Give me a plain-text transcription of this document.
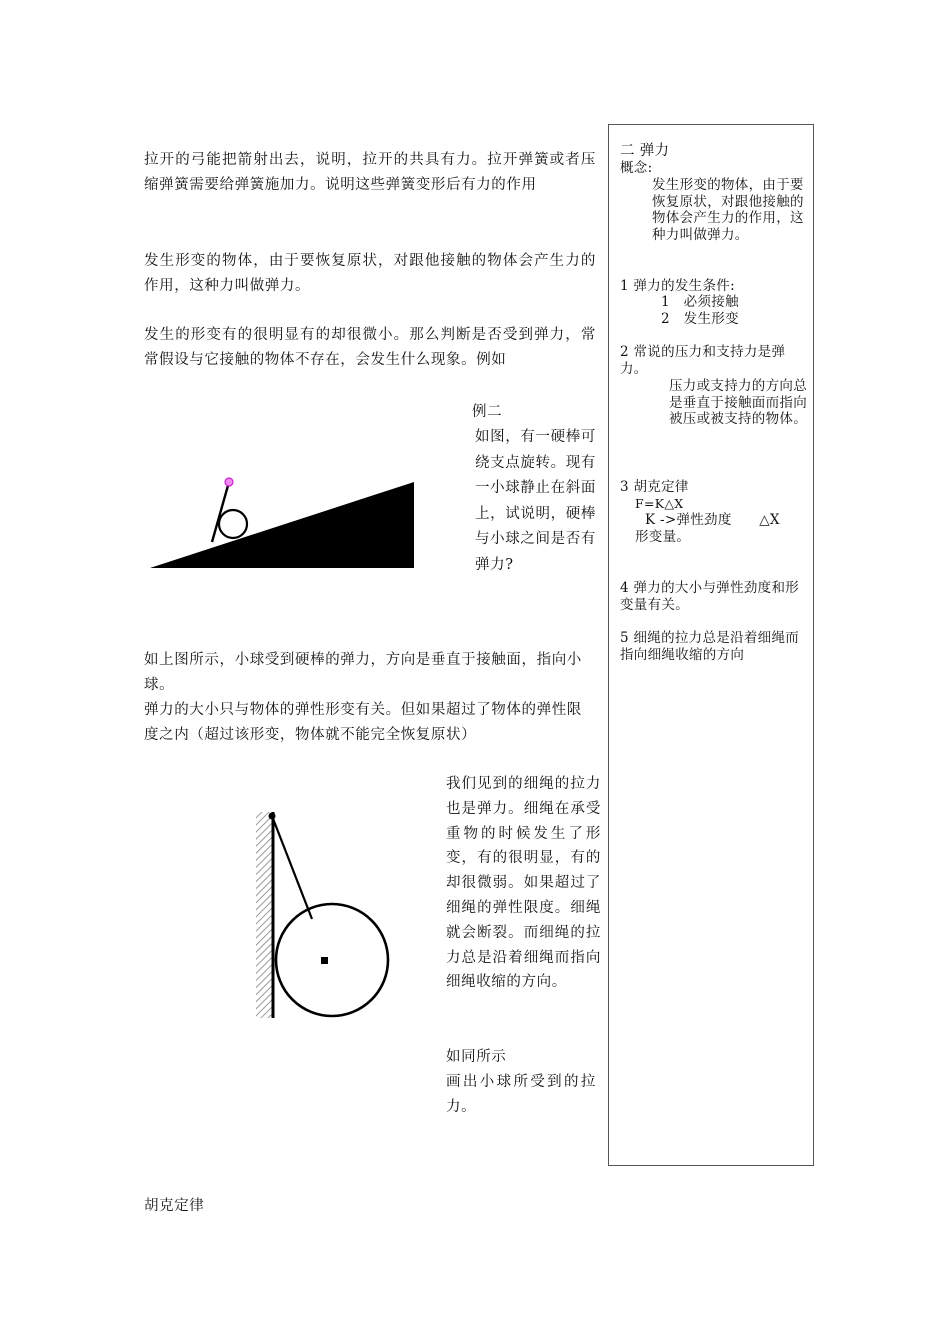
拉开的弓能把箭射出去，说明，拉开的共具有力。拉开弹簧或者压缩弹簧需要给弹簧施加力。说明这些弹簧变形后有力的作用

发生形变的物体，由于要恢复原状，对跟他接触的物体会产生力的作用，这种力叫做弹力。

发生的形变有的很明显有的却很微小。那么判断是否受到弹力，常常假设与它接触的物体不存在，会发生什么现象。例如

例二

如图，有一硬棒可绕支点旋转。现有一小球静止在斜面上，试说明，硬棒与小球之间是否有弹力?

如上图所示，小球受到硬棒的弹力，方向是垂直于接触面，指向小球。

弹力的大小只与物体的弹性形变有关。但如果超过了物体的弹性限度之内（超过该形变，物体就不能完全恢复原状）

我们见到的细绳的拉力也是弹力。细绳在承受重物的时候发生了形变，有的很明显，有的却很微弱。如果超过了细绳的弹性限度。细绳就会断裂。而细绳的拉力总是沿着细绳而指向细绳收缩的方向。

如同所示

画出小球所受到的拉力。

胡克定律

二 弹力

概念:

发生形变的物体，由于要恢复原状，对跟他接触的物体会产生力的作用，这种力叫做弹力。

1 弹力的发生条件:

1   必须接触

2   发生形变

2 常说的压力和支持力是弹力。

压力或支持力的方向总是垂直于接触面而指向被压或被支持的物体。

3 胡克定律

F=K△X

K ->弹性劲度      △X

形变量。

4 弹力的大小与弹性劲度和形变量有关。

5 细绳的拉力总是沿着细绳而指向细绳收缩的方向
